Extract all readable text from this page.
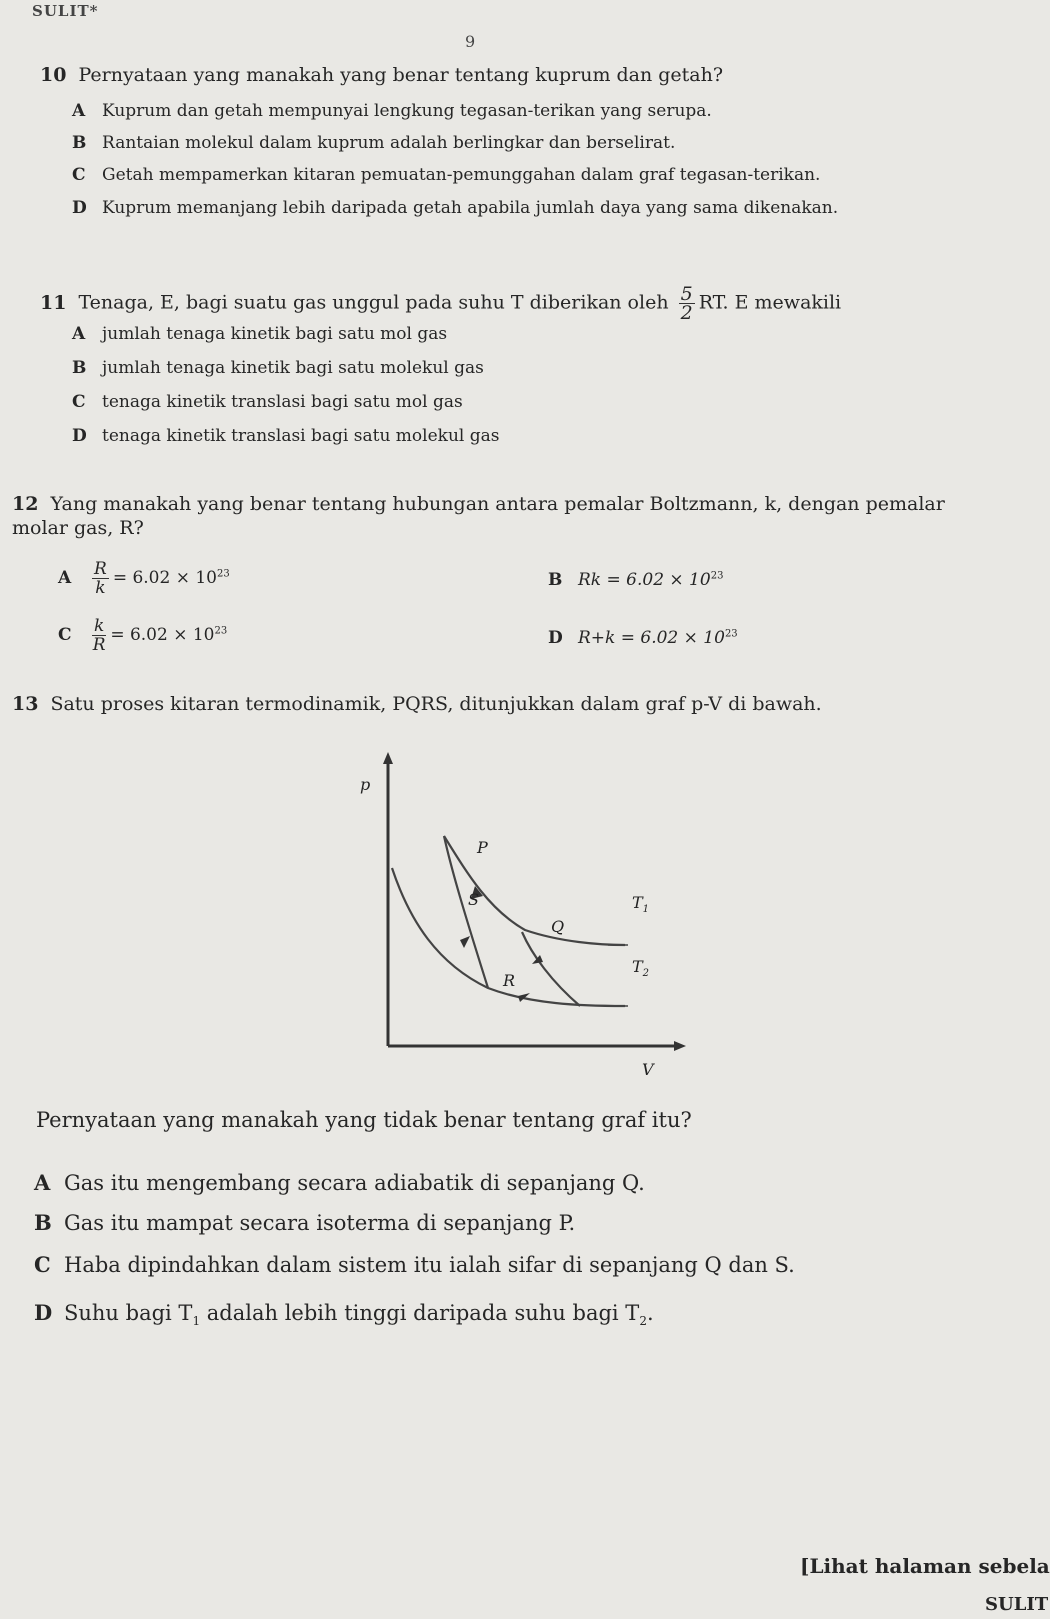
SULIT*
9
10 Pernyataan yang manakah yang benar tentang kuprum dan getah?
A Kuprum dan getah mempunyai lengkung tegasan-terikan yang serupa.
B Rantaian molekul dalam kuprum adalah berlingkar dan berselirat.
C Getah mempamerkan kitaran pemuatan-pemunggahan dalam graf tegasan-terikan.
D Kuprum memanjang lebih daripada getah apabila jumlah daya yang sama dikenakan.
11 Tenaga, E, bagi suatu gas unggul pada suhu T diberikan oleh $\frac{5}{2}$ RT. E mewakili
A jumlah tenaga kinetik bagi satu mol gas
B jumlah tenaga kinetik bagi satu molekul gas
C tenaga kinetik translasi bagi satu mol gas
D tenaga kinetik translasi bagi satu molekul gas
12 Yang manakah yang benar tentang hubungan antara pemalar Boltzmann, k, dengan pemalar
molar gas, R?
A $\frac{R}{k} = 6.02 \times 10^{23}$	B $Rk = 6.02 \times 10^{23}$
C $\frac{k}{R} = 6.02 \times 10^{23}$	D $R+k = 6.02 \times 10^{23}$
13 Satu proses kitaran termodinamik, PQRS, ditunjukkan dalam graf p-V di bawah.
p
V
P
S
Q
R
$T_1$
$T_2$
Pernyataan yang manakah yang tidak benar tentang graf itu?
A Gas itu mengembang secara adiabatik di sepanjang Q.
B Gas itu mampat secara isoterma di sepanjang P.
C Haba dipindahkan dalam sistem itu ialah sifar di sepanjang Q dan S.
D Suhu bagi $T_1$ adalah lebih tinggi daripada suhu bagi $T_2$.
[Lihat halaman sebela
SULIT
